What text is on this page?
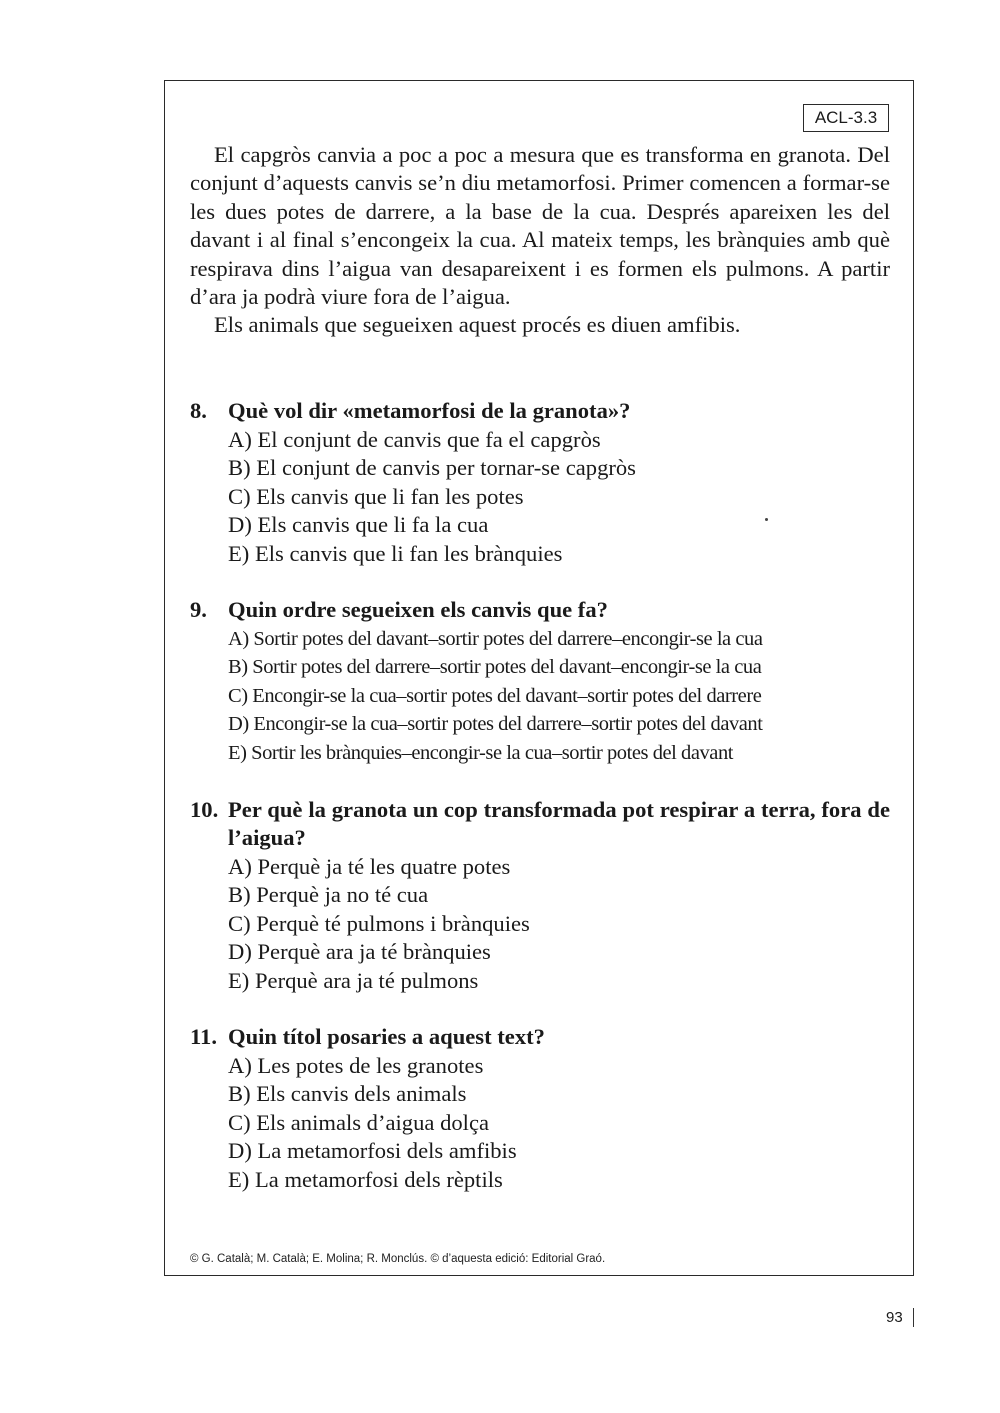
ACL-3.3

El capgròs canvia a poc a poc a mesura que es transforma en granota. Del conjunt d’aquests canvis se’n diu metamorfosi. Primer comencen a formar-se les dues potes de darrere, a la base de la cua. Després apareixen les del davant i al final s’encongeix la cua. Al mateix temps, les brànquies amb què respirava dins l’aigua van desapareixent i es formen els pulmons. A partir d’ara ja podrà viure fora de l’aigua.

Els animals que segueixen aquest procés es diuen amfibis.

8. Què vol dir «metamorfosi de la granota»?
A) El conjunt de canvis que fa el capgròs
B) El conjunt de canvis per tornar-se capgròs
C) Els canvis que li fan les potes
D) Els canvis que li fa la cua
E) Els canvis que li fan les brànquies
9. Quin ordre segueixen els canvis que fa?
A) Sortir potes del davant–sortir potes del darrere–encongir-se la cua
B) Sortir potes del darrere–sortir potes del davant–encongir-se la cua
C) Encongir-se la cua–sortir potes del davant–sortir potes del darrere
D) Encongir-se la cua–sortir potes del darrere–sortir potes del davant
E) Sortir les brànquies–encongir-se la cua–sortir potes del davant
10. Per què la granota un cop transformada pot respirar a terra, fora de l’aigua?
A) Perquè ja té les quatre potes
B) Perquè ja no té cua
C) Perquè té pulmons i brànquies
D) Perquè ara ja té brànquies
E) Perquè ara ja té pulmons
11. Quin títol posaries a aquest text?
A) Les potes de les granotes
B) Els canvis dels animals
C) Els animals d’aigua dolça
D) La metamorfosi dels amfibis
E) La metamorfosi dels rèptils
© G. Català; M. Català; E. Molina; R. Monclús. © d’aquesta edició: Editorial Graó.
93
